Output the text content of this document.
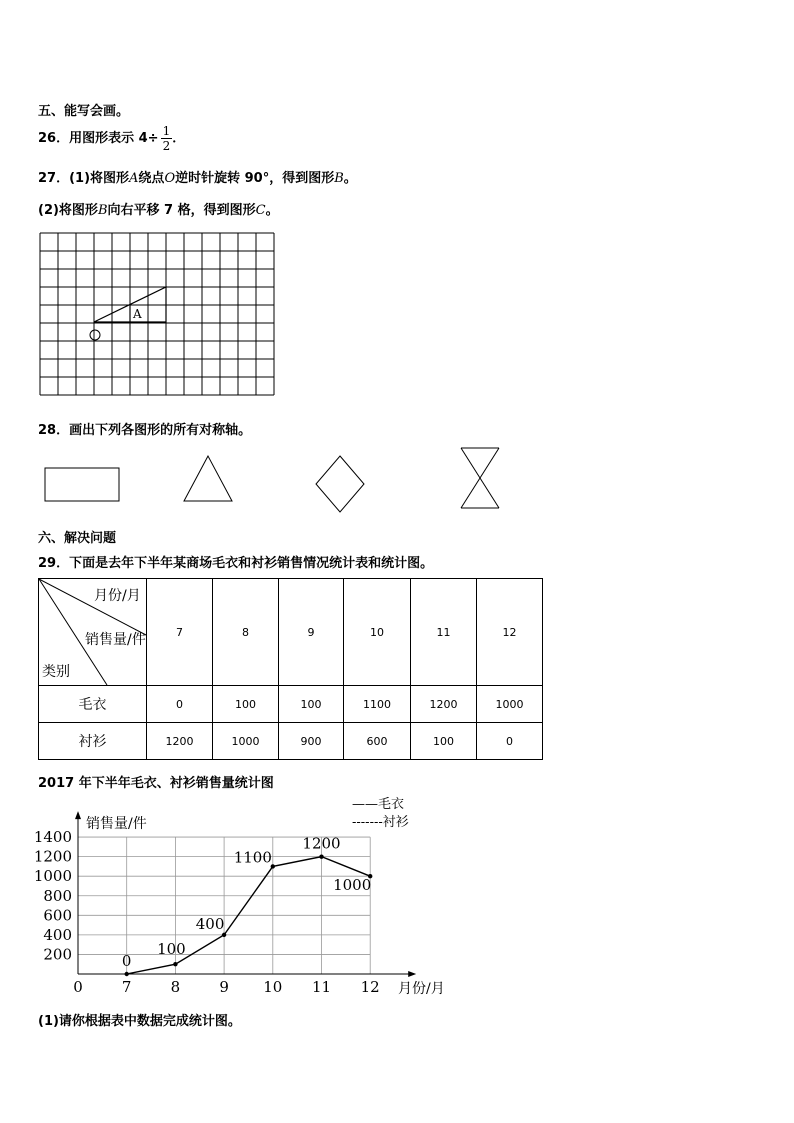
五、能写会画。
26．用图形表示 $4\div \frac{1}{2}$ ．
27．(1)将图形A绕点O逆时针旋转 90°，得到图形B。
(2)将图形B向右平移 7 格，得到图形C。
A
200
400
600
800
1000
1200
1400
0	7	8	9 10 11 12
销售量/件
月份/月
——毛衣
-------衬衫
0
100
400
1100
1200
1000
28．画出下列各图形的所有对称轴。
六、解决问题
29．下面是去年下半年某商场毛衣和衬衫销售情况统计表和统计图。
月份/月
销售量/件
类别	7	8	9	10	11	12
毛衣	0	100	100	1100	1200	1000
衬衫	1200	1000	900	600	100	0
2017 年下半年毛衣、衬衫销售量统计图
(1)请你根据表中数据完成统计图。
